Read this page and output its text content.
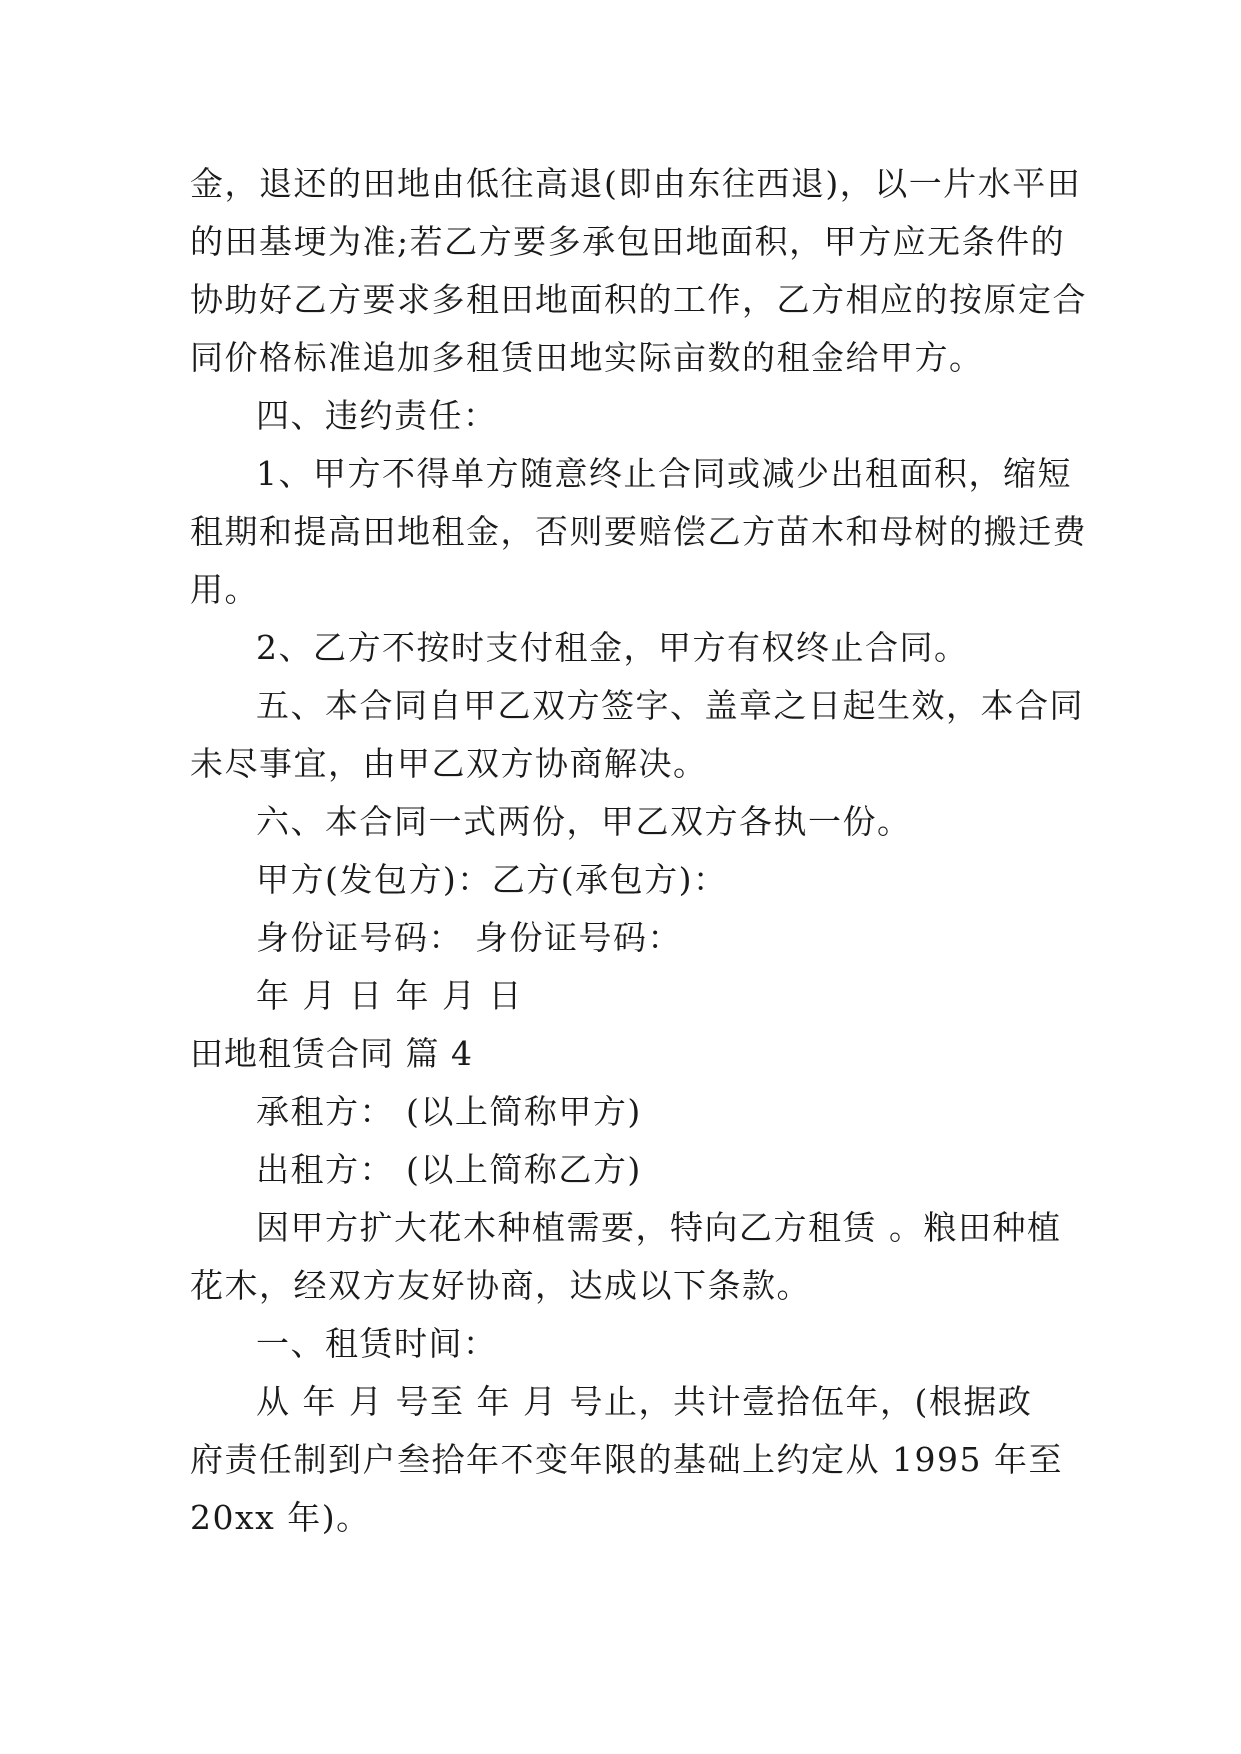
金，退还的田地由低往高退(即由东往西退)，以一片水平田
的田基埂为准;若乙方要多承包田地面积，甲方应无条件的
协助好乙方要求多租田地面积的工作，乙方相应的按原定合
同价格标准追加多租赁田地实际亩数的租金给甲方。
四、违约责任：
1、甲方不得单方随意终止合同或减少出租面积，缩短
租期和提高田地租金，否则要赔偿乙方苗木和母树的搬迁费
用。
2、乙方不按时支付租金，甲方有权终止合同。
五、本合同自甲乙双方签字、盖章之日起生效，本合同
未尽事宜，由甲乙双方协商解决。
六、本合同一式两份，甲乙双方各执一份。
甲方(发包方)：乙方(承包方)：
身份证号码： 身份证号码：
年 月 日 年 月 日
田地租赁合同 篇 4
承租方： (以上简称甲方)
出租方： (以上简称乙方)
因甲方扩大花木种植需要，特向乙方租赁 。粮田种植
花木，经双方友好协商，达成以下条款。
一、租赁时间：
从 年 月 号至 年 月 号止，共计壹拾伍年，(根据政
府责任制到户叁拾年不变年限的基础上约定从 1995 年至
20xx 年)。
